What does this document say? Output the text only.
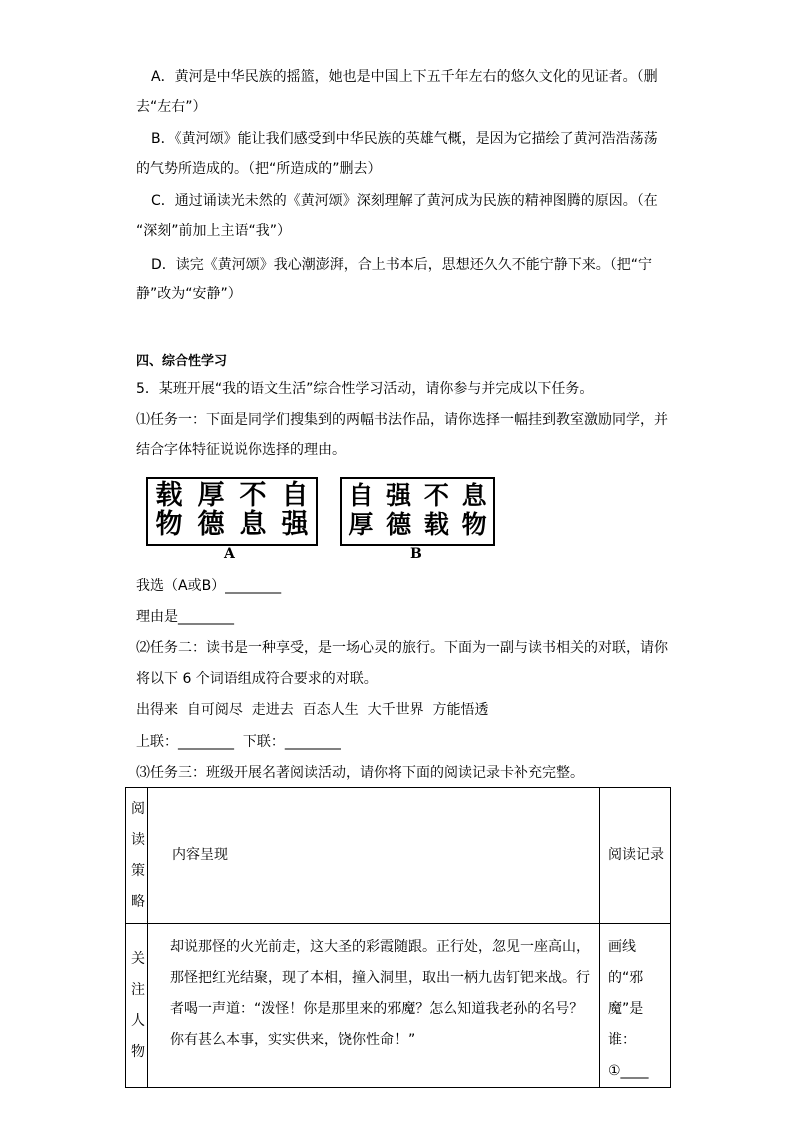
A．黄河是中华民族的摇篮，她也是中国上下五千年左右的悠久文化的见证者。（删
去“左右”）
B．《黄河颂》能让我们感受到中华民族的英雄气概，是因为它描绘了黄河浩浩荡荡
的气势所造成的。（把“所造成的”删去）
C．通过诵读光未然的《黄河颂》深刻理解了黄河成为民族的精神图腾的原因。（在
“深刻”前加上主语“我”）
D．读完《黄河颂》我心潮澎湃，合上书本后，思想还久久不能宁静下来。（把“宁
静”改为“安静”）
四、综合性学习
5．某班开展“我的语文生活”综合性学习活动，请你参与并完成以下任务。
⑴任务一：下面是同学们搜集到的两幅书法作品，请你选择一幅挂到教室激励同学，并
结合字体特征说说你选择的理由。
载 厚 不 自
物 德 息 强
A
自 强 不 息
厚 德 载 物
B
我选（A或B）________
理由是________
⑵任务二：读书是一种享受，是一场心灵的旅行。下面为一副与读书相关的对联，请你
将以下 6 个词语组成符合要求的对联。
出得来  自可阅尽  走进去  百态人生  大千世界  方能悟透
上联：________  下联：________
⑶任务三：班级开展名著阅读活动，请你将下面的阅读记录卡补充完整。
阅读策略	内容呈现	阅读记录

关注人物	却说那怪的火光前走，这大圣的彩霞随跟。正行处，忽见一座高山，那怪把红光结聚，现了本相，撞入洞里，取出一柄九齿钉钯来战。行者喝一声道：“泼怪！你是那里来的邪魔？怎么知道我老孙的名号？你有甚么本事，实实供来，饶你性命！”	画线的“邪魔”是谁：
①____
